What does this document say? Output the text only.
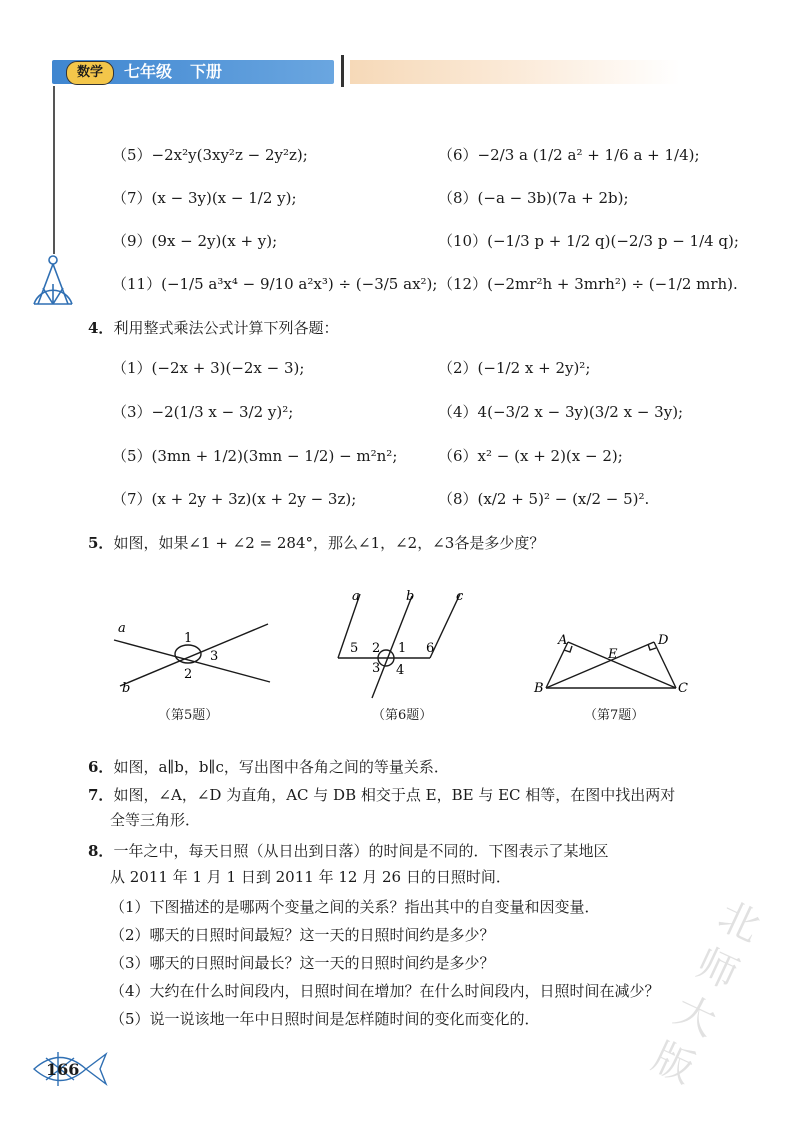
数学	七年级 下册
（5）−2x²y(3xy²z − 2y²z);	（6）−2/3 a (1/2 a² + 1/6 a + 1/4);
（7）(x − 3y)(x − 1/2 y);	（8）(−a − 3b)(7a + 2b);
（9）(9x − 2y)(x + y);	（10）(−1/3 p + 1/2 q)(−2/3 p − 1/4 q);
（11）(−1/5 a³x⁴ − 9/10 a²x³) ÷ (−3/5 ax²); （12）(−2mr²h + 3mrh²) ÷ (−1/2 mrh).
4．利用整式乘法公式计算下列各题：
（1）(−2x + 3)(−2x − 3);	（2）(−1/2 x + 2y)²;
（3）−2(1/3 x − 3/2 y)²;	（4）4(−3/2 x − 3y)(3/2 x − 3y);
（5）(3mn + 1/2)(3mn − 1/2) − m²n²;	（6）x² − (x + 2)(x − 2);
（7）(x + 2y + 3z)(x + 2y − 3z);	（8）(x/2 + 5)² − (x/2 − 5)².
5．如图，如果∠1 + ∠2 = 284°，那么∠1，∠2，∠3各是多少度？
a
b
1
2
3
（第5题）
a	b	c
5 2 1 6
3 4
（第6题）
A	D
E
B	C
（第7题）
6．如图，a∥b，b∥c，写出图中各角之间的等量关系．
7．如图，∠A，∠D 为直角，AC 与 DB 相交于点 E，BE 与 EC 相等，在图中找出两对
全等三角形．
8．一年之中，每天日照（从日出到日落）的时间是不同的．下图表示了某地区
从 2011 年 1 月 1 日到 2011 年 12 月 26 日的日照时间．
（1）下图描述的是哪两个变量之间的关系？指出其中的自变量和因变量．
（2）哪天的日照时间最短？这一天的日照时间约是多少？
（3）哪天的日照时间最长？这一天的日照时间约是多少？
（4）大约在什么时间段内，日照时间在增加？在什么时间段内，日照时间在减少？
（5）说一说该地一年中日照时间是怎样随时间的变化而变化的．
166
北师大版
